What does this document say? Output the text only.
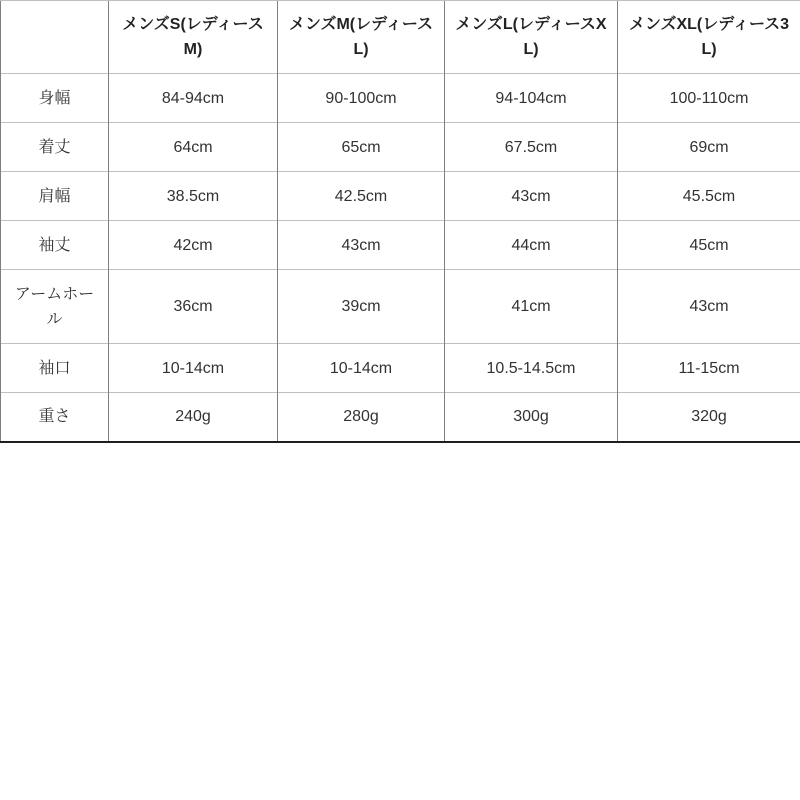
	メンズS(レディースM)	メンズM(レディースL)	メンズL(レディースXL)	メンズXL(レディース3L)
身幅	84-94cm	90-100cm	94-104cm	100-110cm
着丈	64cm	65cm	67.5cm	69cm
肩幅	38.5cm	42.5cm	43cm	45.5cm
袖丈	42cm	43cm	44cm	45cm
アームホール	36cm	39cm	41cm	43cm
袖口	10-14cm	10-14cm	10.5-14.5cm	11-15cm
重さ	240g	280g	300g	320g
